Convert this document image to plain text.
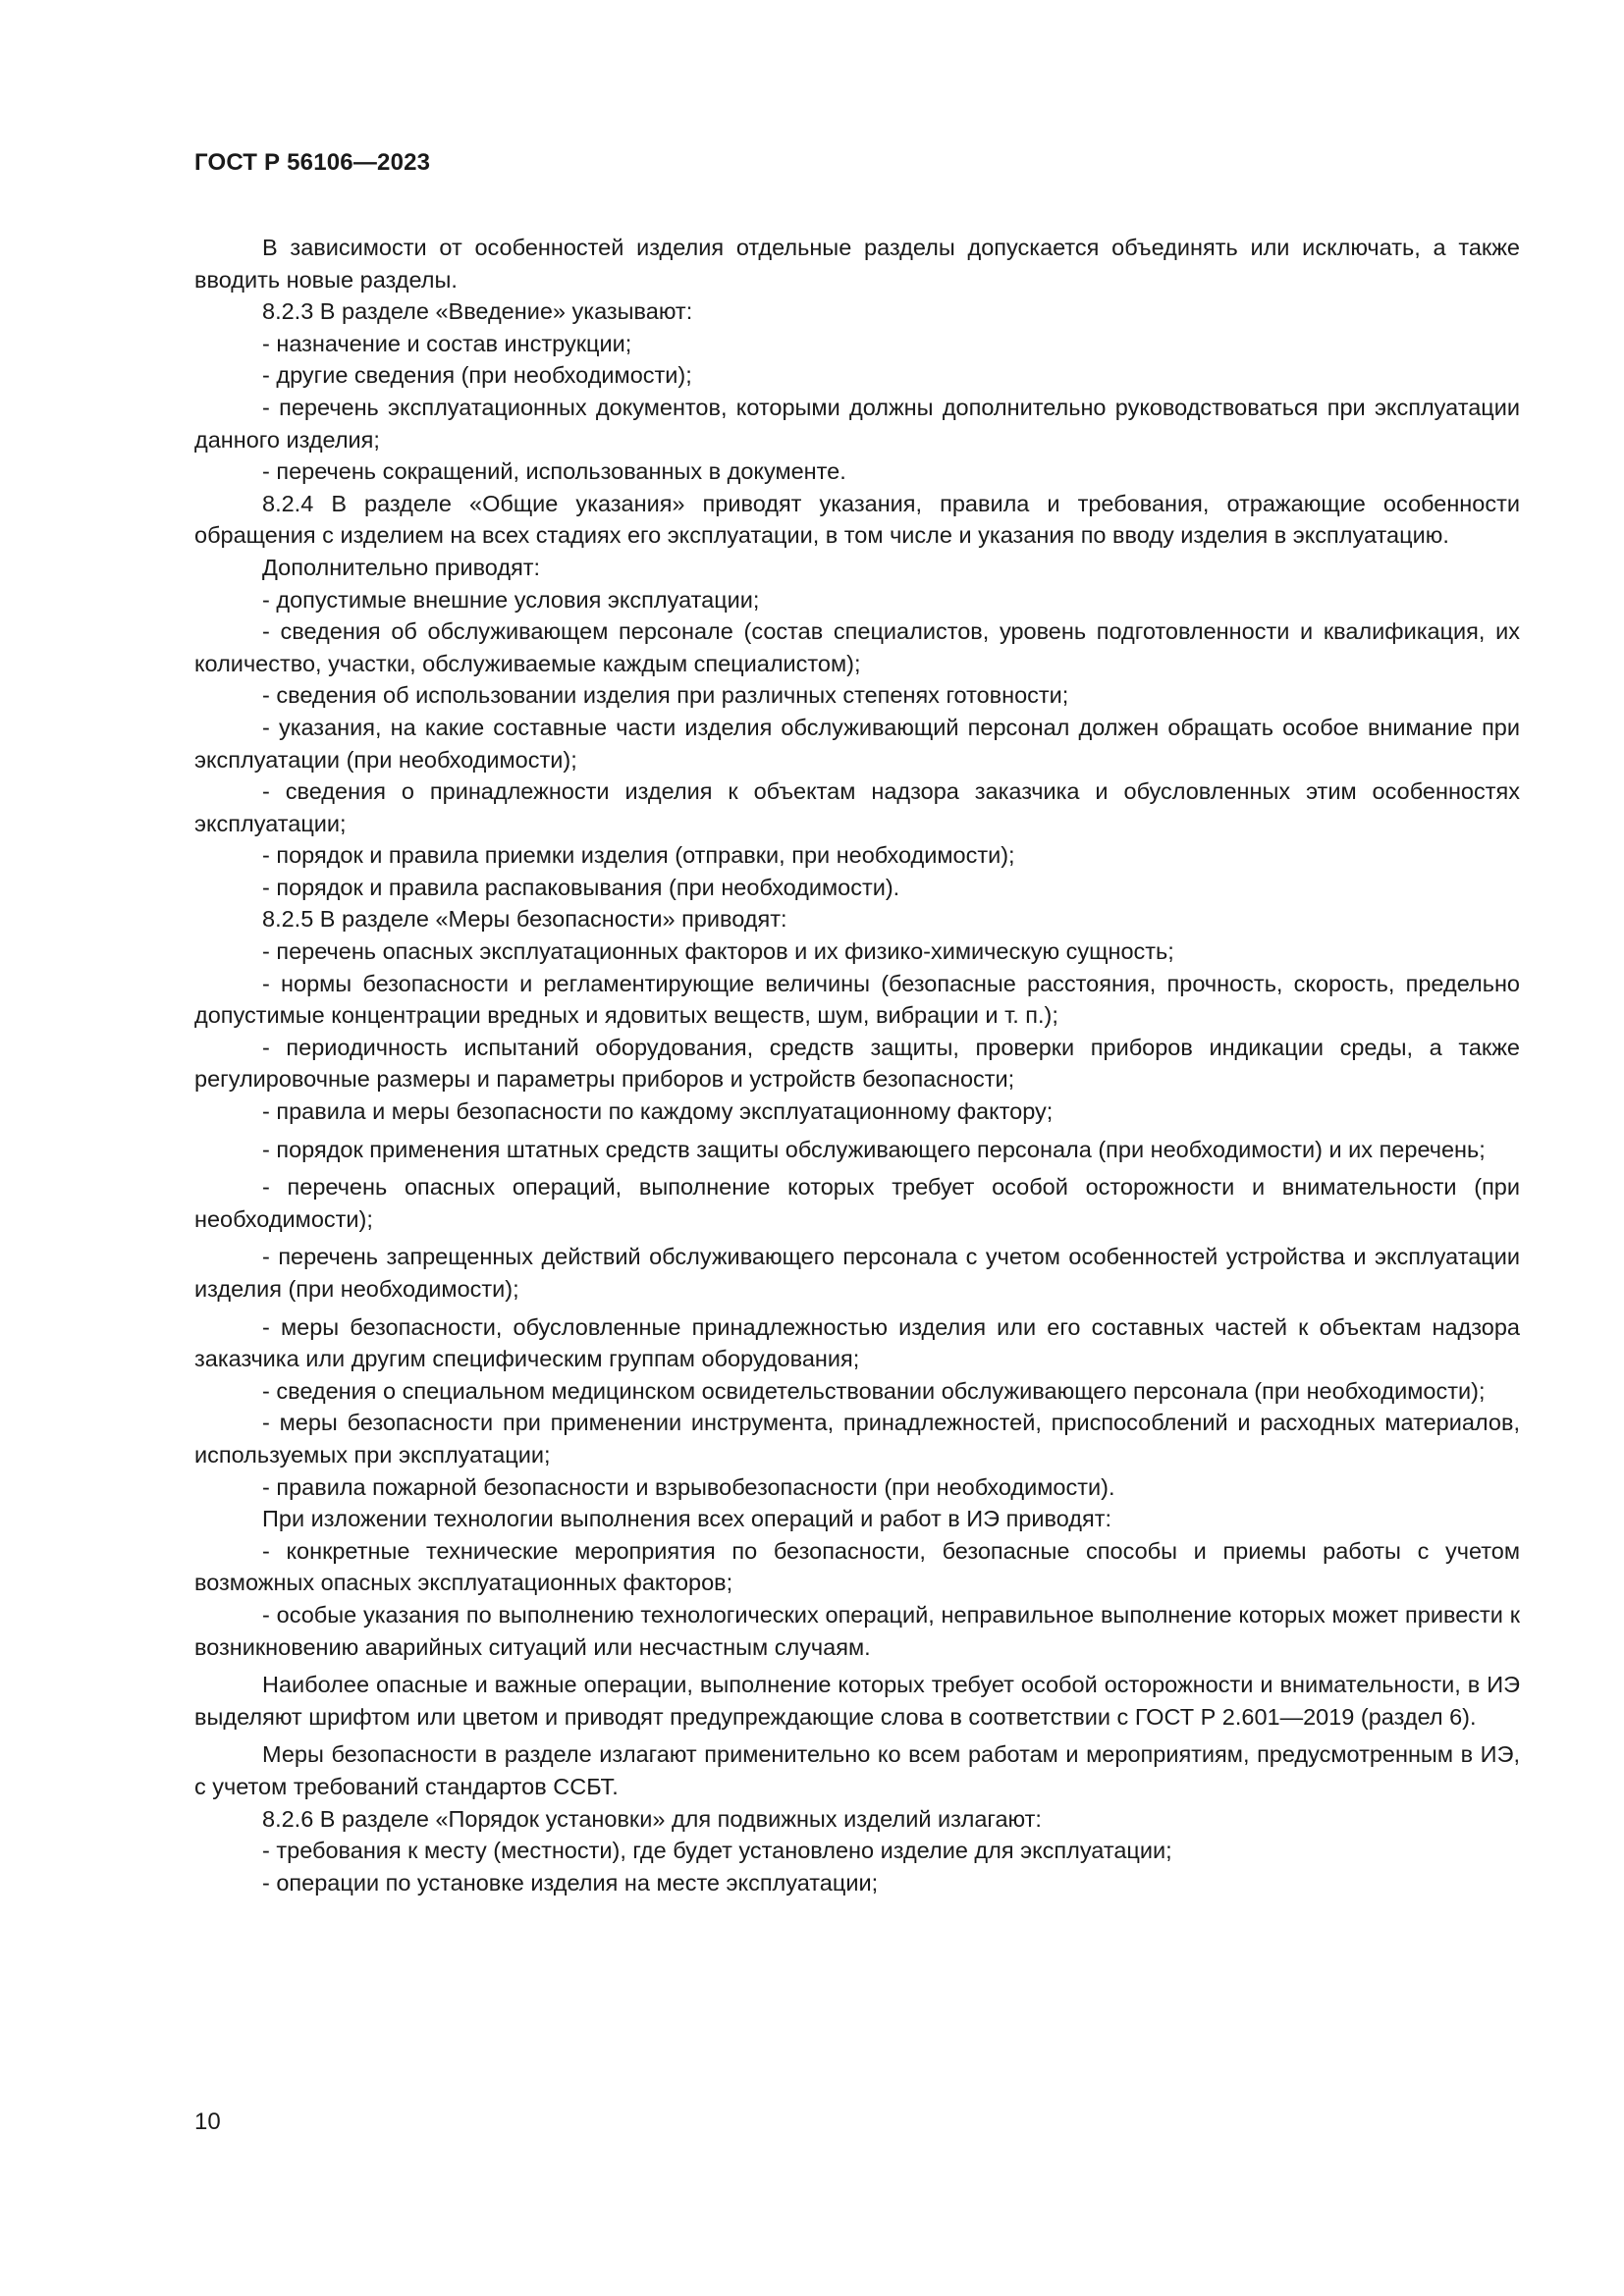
ГОСТ Р 56106—2023

В зависимости от особенностей изделия отдельные разделы допускается объединять или исключать, а также вводить новые разделы.

8.2.3 В разделе «Введение» указывают:

- назначение и состав инструкции;

- другие сведения (при необходимости);

- перечень эксплуатационных документов, которыми должны дополнительно руководствоваться при эксплуатации данного изделия;

- перечень сокращений, использованных в документе.

8.2.4 В разделе «Общие указания» приводят указания, правила и требования, отражающие особенности обращения с изделием на всех стадиях его эксплуатации, в том числе и указания по вводу изделия в эксплуатацию.

Дополнительно приводят:

- допустимые внешние условия эксплуатации;

- сведения об обслуживающем персонале (состав специалистов, уровень подготовленности и квалификация, их количество, участки, обслуживаемые каждым специалистом);

- сведения об использовании изделия при различных степенях готовности;

- указания, на какие составные части изделия обслуживающий персонал должен обращать особое внимание при эксплуатации (при необходимости);

- сведения о принадлежности изделия к объектам надзора заказчика и обусловленных этим особенностях эксплуатации;

- порядок и правила приемки изделия (отправки, при необходимости);

- порядок и правила распаковывания (при необходимости).

8.2.5 В разделе «Меры безопасности» приводят:

- перечень опасных эксплуатационных факторов и их физико-химическую сущность;

- нормы безопасности и регламентирующие величины (безопасные расстояния, прочность, скорость, предельно допустимые концентрации вредных и ядовитых веществ, шум, вибрации и т. п.);

- периодичность испытаний оборудования, средств защиты, проверки приборов индикации среды, а также регулировочные размеры и параметры приборов и устройств безопасности;

- правила и меры безопасности по каждому эксплуатационному фактору;

- порядок применения штатных средств защиты обслуживающего персонала (при необходимости) и их перечень;

- перечень опасных операций, выполнение которых требует особой осторожности и внимательности (при необходимости);

- перечень запрещенных действий обслуживающего персонала с учетом особенностей устройства и эксплуатации изделия (при необходимости);

- меры безопасности, обусловленные принадлежностью изделия или его составных частей к объектам надзора заказчика или другим специфическим группам оборудования;

- сведения о специальном медицинском освидетельствовании обслуживающего персонала (при необходимости);

- меры безопасности при применении инструмента, принадлежностей, приспособлений и расходных материалов, используемых при эксплуатации;

- правила пожарной безопасности и взрывобезопасности (при необходимости).

При изложении технологии выполнения всех операций и работ в ИЭ приводят:

- конкретные технические мероприятия по безопасности, безопасные способы и приемы работы с учетом возможных опасных эксплуатационных факторов;

- особые указания по выполнению технологических операций, неправильное выполнение которых может привести к возникновению аварийных ситуаций или несчастным случаям.

Наиболее опасные и важные операции, выполнение которых требует особой осторожности и внимательности, в ИЭ выделяют шрифтом или цветом и приводят предупреждающие слова в соответствии с ГОСТ Р 2.601—2019 (раздел 6).

Меры безопасности в разделе излагают применительно ко всем работам и мероприятиям, предусмотренным в ИЭ, с учетом требований стандартов ССБТ.

8.2.6 В разделе «Порядок установки» для подвижных изделий излагают:

- требования к месту (местности), где будет установлено изделие для эксплуатации;

- операции по установке изделия на месте эксплуатации;

10
